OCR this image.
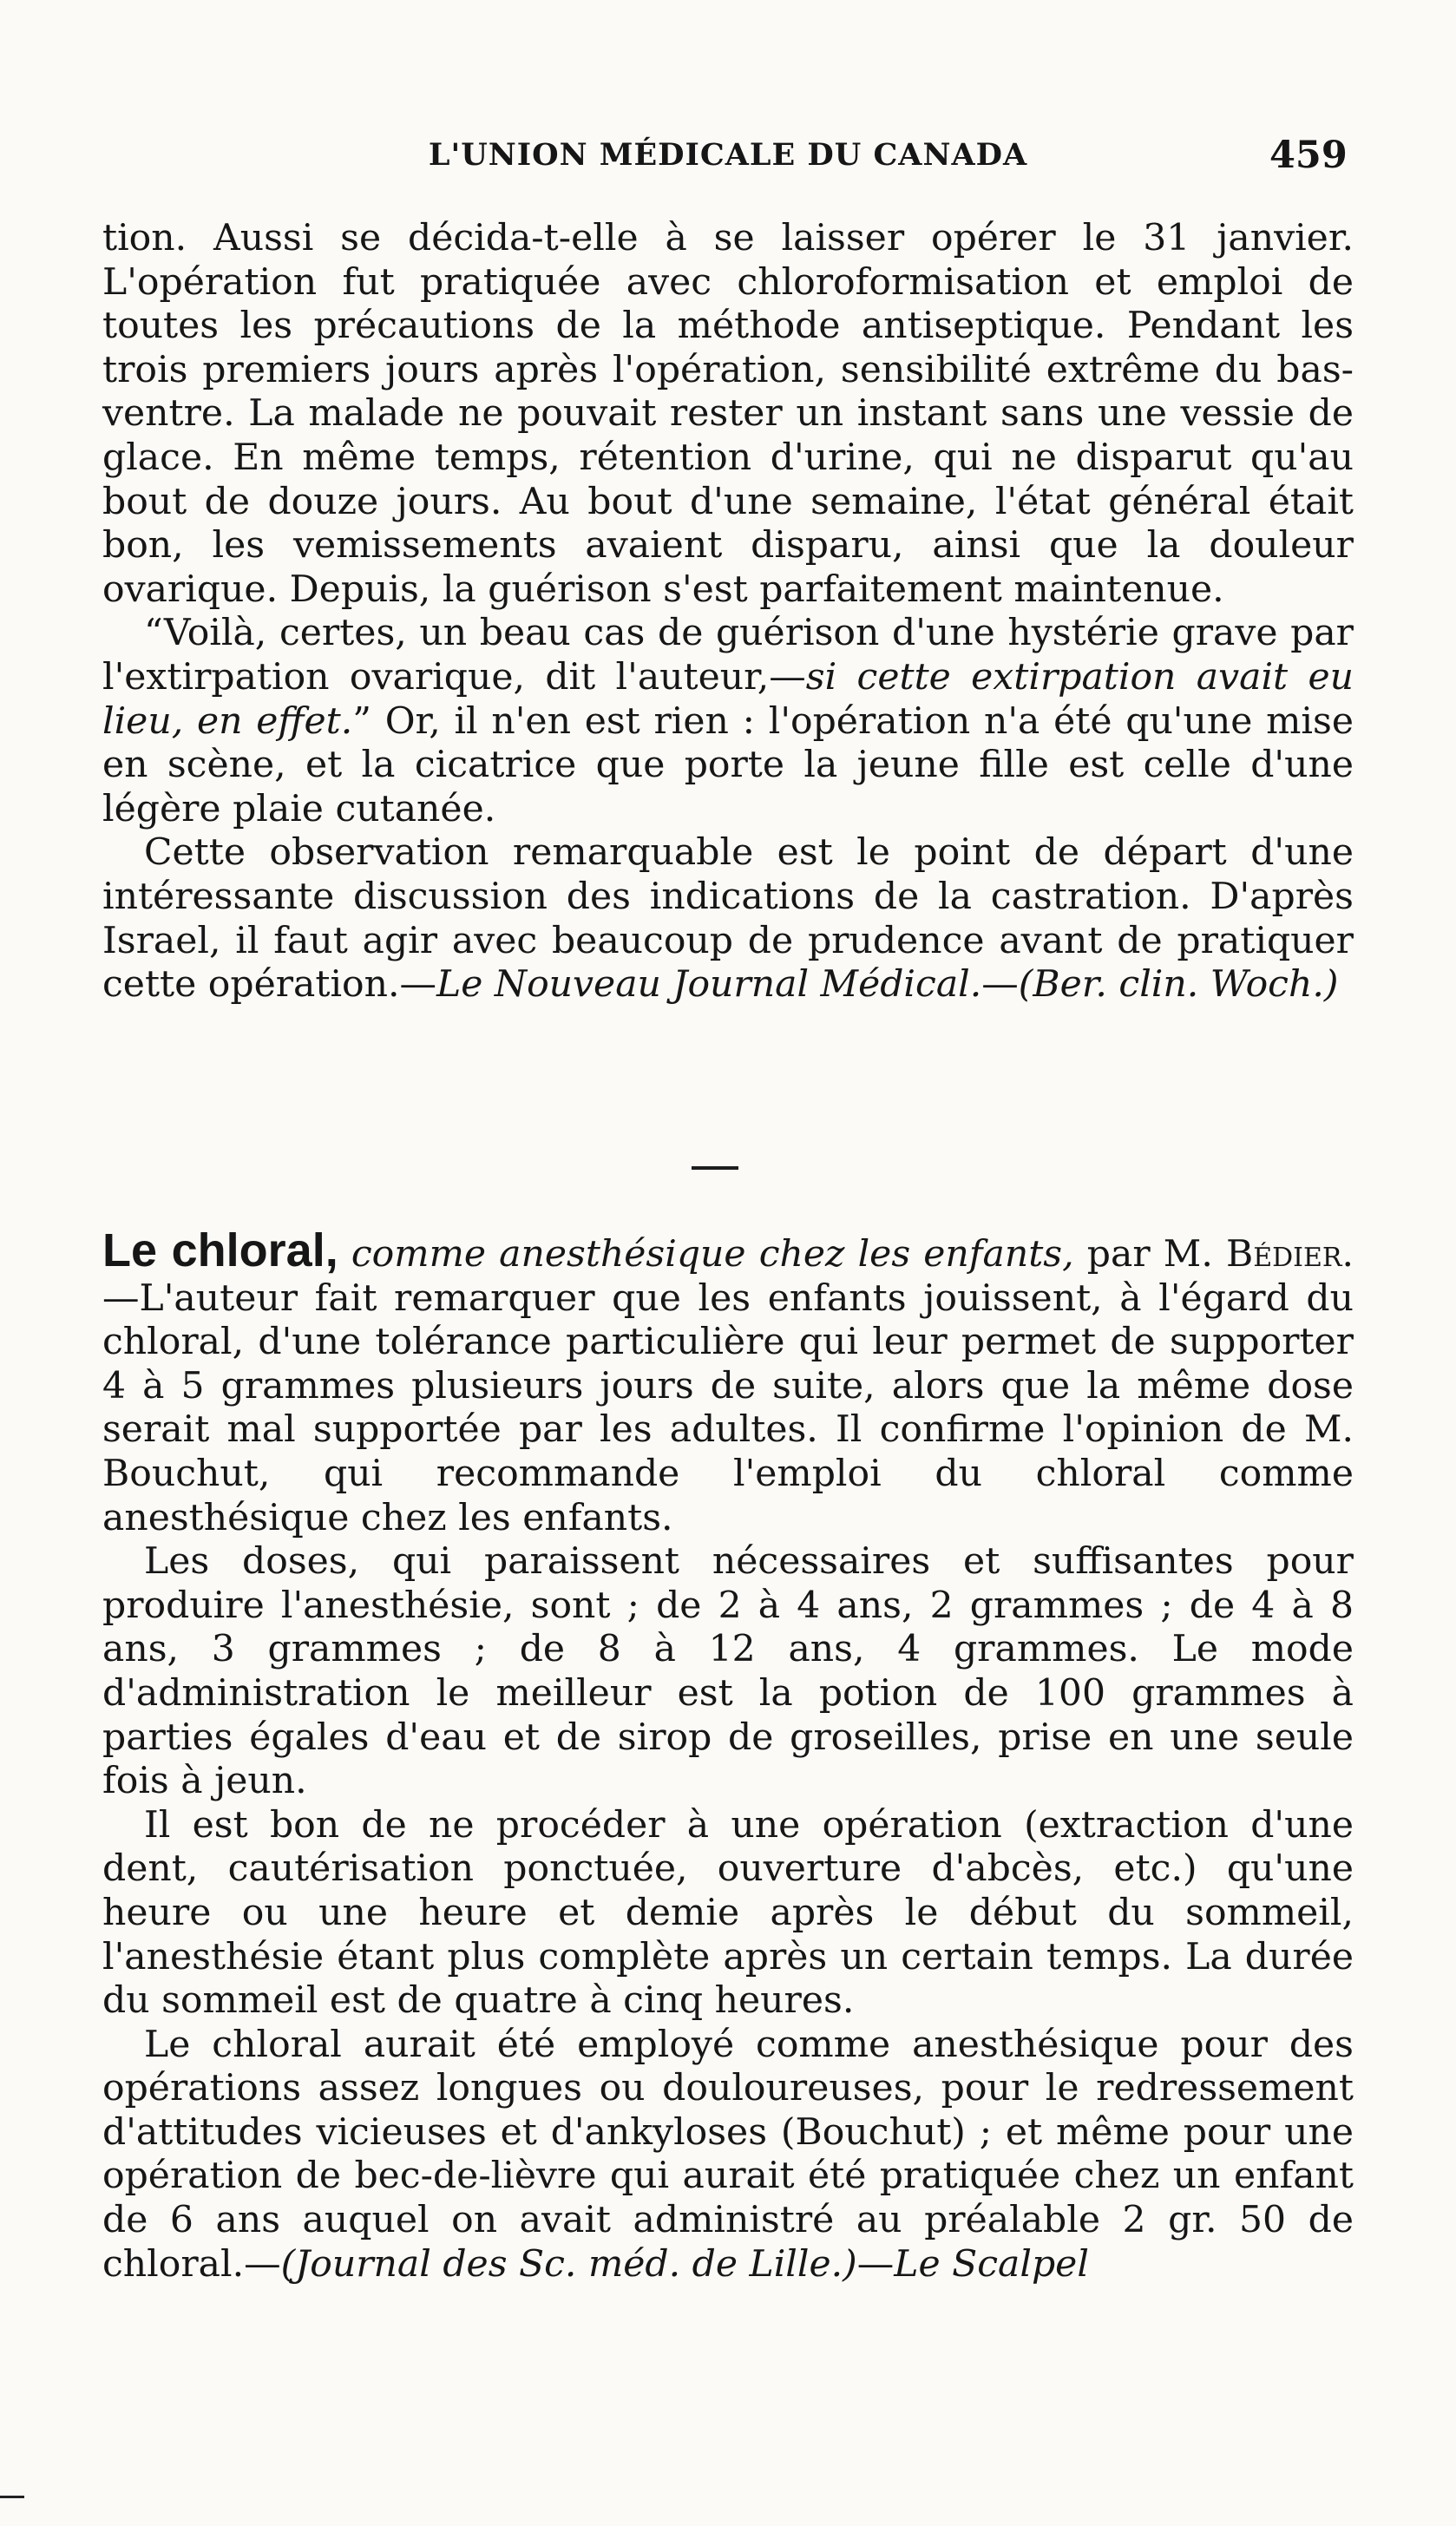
L'UNION MÉDICALE DU CANADA	459

tion. Aussi se décida-t-elle à se laisser opérer le 31 janvier. L'opération fut pratiquée avec chloroformisation et emploi de toutes les précautions de la méthode antiseptique. Pendant les trois premiers jours après l'opération, sensibilité extrême du bas-ventre. La malade ne pouvait rester un instant sans une vessie de glace. En même temps, rétention d'urine, qui ne disparut qu'au bout de douze jours. Au bout d'une semaine, l'état général était bon, les vemissements avaient disparu, ainsi que la douleur ovarique. Depuis, la guérison s'est parfaitement maintenue.

“Voilà, certes, un beau cas de guérison d'une hystérie grave par l'extirpation ovarique, dit l'auteur,—si cette extirpation avait eu lieu, en effet.” Or, il n'en est rien : l'opération n'a été qu'une mise en scène, et la cicatrice que porte la jeune fille est celle d'une légère plaie cutanée.

Cette observation remarquable est le point de départ d'une intéressante discussion des indications de la castration. D'après Israel, il faut agir avec beaucoup de prudence avant de pratiquer cette opération.—Le Nouveau Journal Médical.—(Ber. clin. Woch.)

Le chloral, comme anesthésique chez les enfants, par M. Bédier.—L'auteur fait remarquer que les enfants jouissent, à l'égard du chloral, d'une tolérance particulière qui leur permet de supporter 4 à 5 grammes plusieurs jours de suite, alors que la même dose serait mal supportée par les adultes. Il confirme l'opinion de M. Bouchut, qui recommande l'emploi du chloral comme anesthésique chez les enfants.

Les doses, qui paraissent nécessaires et suffisantes pour produire l'anesthésie, sont ; de 2 à 4 ans, 2 grammes ; de 4 à 8 ans, 3 grammes ; de 8 à 12 ans, 4 grammes. Le mode d'administration le meilleur est la potion de 100 grammes à parties égales d'eau et de sirop de groseilles, prise en une seule fois à jeun.

Il est bon de ne procéder à une opération (extraction d'une dent, cautérisation ponctuée, ouverture d'abcès, etc.) qu'une heure ou une heure et demie après le début du sommeil, l'anesthésie étant plus complète après un certain temps. La durée du sommeil est de quatre à cinq heures.

Le chloral aurait été employé comme anesthésique pour des opérations assez longues ou douloureuses, pour le redressement d'attitudes vicieuses et d'ankyloses (Bouchut) ; et même pour une opération de bec-de-lièvre qui aurait été pratiquée chez un enfant de 6 ans auquel on avait administré au préalable 2 gr. 50 de chloral.—(Journal des Sc. méd. de Lille.)—Le Scalpel
